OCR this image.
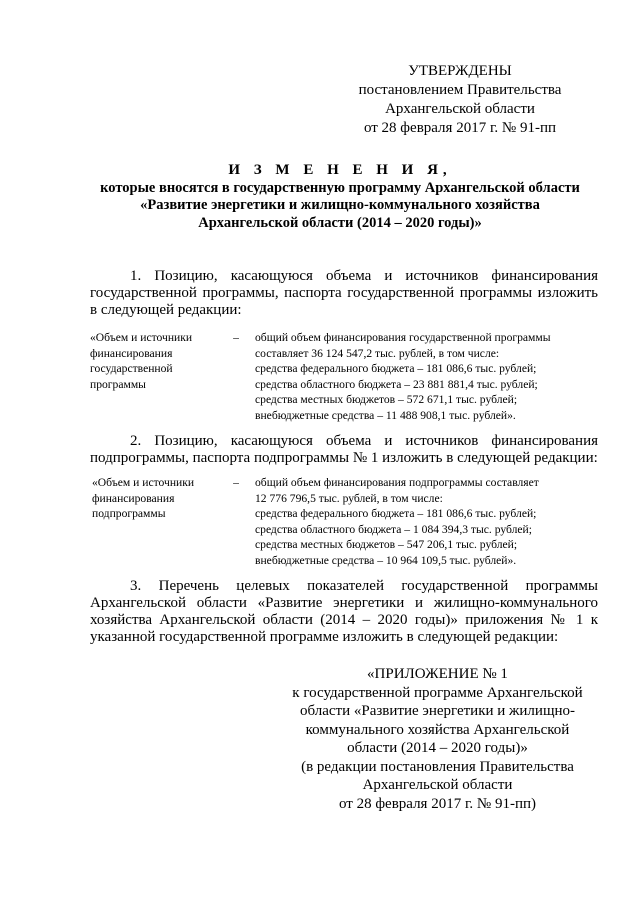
УТВЕРЖДЕНЫ
постановлением Правительства
Архангельской области
от 28 февраля 2017 г. № 91-пп
И З М Е Н Е Н И Я,
которые вносятся в государственную программу Архангельской области
«Развитие энергетики и жилищно-коммунального хозяйства
Архангельской области (2014 – 2020 годы)»
1. Позицию, касающуюся объема и источников финансирования государственной программы, паспорта государственной программы изложить в следующей редакции:
«Объем и источники
финансирования
государственной
программы
–	общий объем финансирования государственной программы
составляет 36 124 547,2 тыс. рублей, в том числе:
средства федерального бюджета – 181 086,6 тыс. рублей;
средства областного бюджета – 23 881 881,4 тыс. рублей;
средства местных бюджетов – 572 671,1 тыс. рублей;
внебюджетные средства – 11 488 908,1 тыс. рублей».
2. Позицию, касающуюся объема и источников финансирования подпрограммы, паспорта подпрограммы № 1 изложить в следующей редакции:
«Объем и источники
финансирования
подпрограммы
–	общий объем финансирования подпрограммы составляет
12 776 796,5 тыс. рублей, в том числе:
средства федерального бюджета – 181 086,6 тыс. рублей;
средства областного бюджета – 1 084 394,3 тыс. рублей;
средства местных бюджетов – 547 206,1 тыс. рублей;
внебюджетные средства – 10 964 109,5 тыс. рублей».
3. Перечень целевых показателей государственной программы Архангельской области «Развитие энергетики и жилищно-коммунального хозяйства Архангельской области (2014 – 2020 годы)» приложения № 1 к указанной государственной программе изложить в следующей редакции:
«ПРИЛОЖЕНИЕ № 1
к государственной программе Архангельской
области «Развитие энергетики и жилищно-
коммунального хозяйства Архангельской
области (2014 – 2020 годы)»
(в редакции постановления Правительства
Архангельской области
от 28 февраля 2017 г. № 91-пп)
